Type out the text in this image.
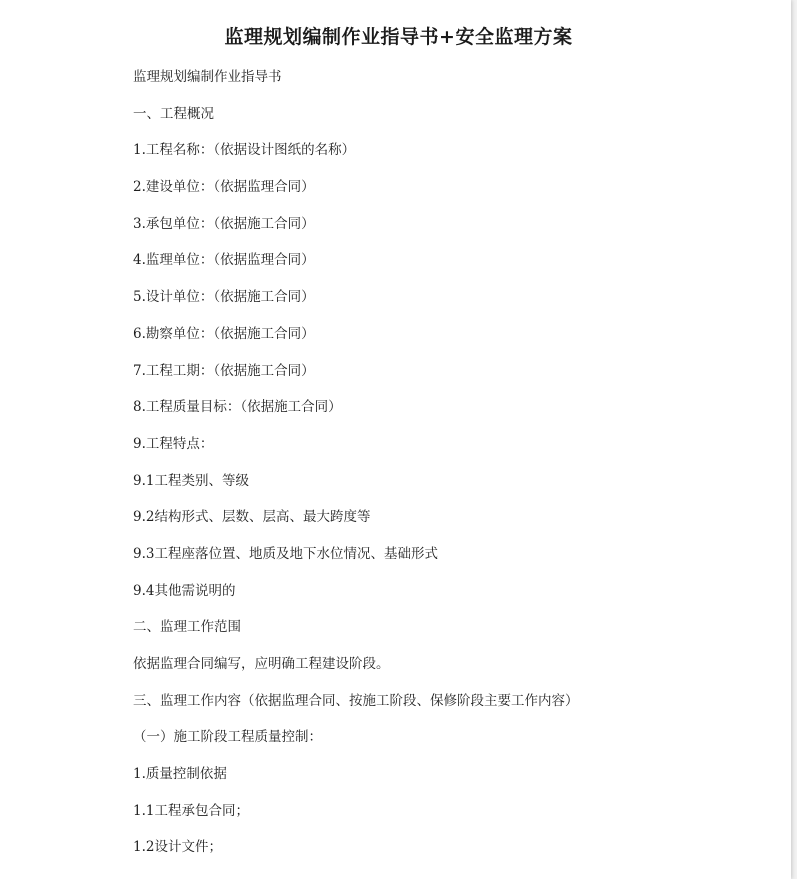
监理规划编制作业指导书+安全监理方案
监理规划编制作业指导书
一、工程概况
1.工程名称：（依据设计图纸的名称）
2.建设单位：（依据监理合同）
3.承包单位：（依据施工合同）
4.监理单位：（依据监理合同）
5.设计单位：（依据施工合同）
6.勘察单位：（依据施工合同）
7.工程工期：（依据施工合同）
8.工程质量目标：（依据施工合同）
9.工程特点：
9.1工程类别、等级
9.2结构形式、层数、层高、最大跨度等
9.3工程座落位置、地质及地下水位情况、基础形式
9.4其他需说明的
二、监理工作范围
依据监理合同编写，应明确工程建设阶段。
三、监理工作内容（依据监理合同、按施工阶段、保修阶段主要工作内容）
（一）施工阶段工程质量控制：
1.质量控制依据
1.1工程承包合同；
1.2设计文件；
